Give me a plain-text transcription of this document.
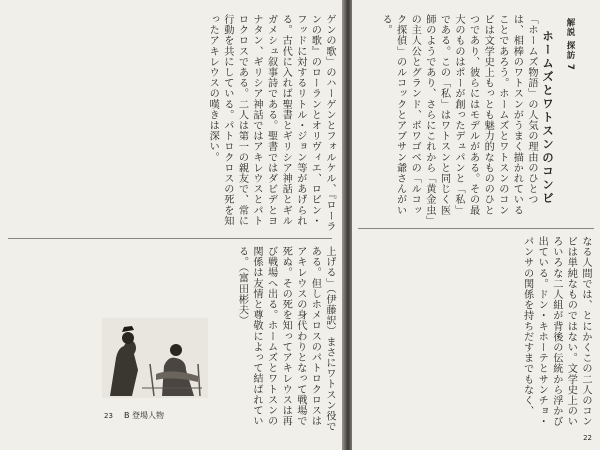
ゲンの歌」のハーゲンとフォルケル、『ローランの歌』のローランとオリヴィエ、ロビン・フッドに対するリトル・ジョン等があげられる。古代に入れば聖書とギリシア神話とギルガメシュ叙事詩である。聖書ではダビデとヨナタン、ギリシア神話ではアキレウスとパトロクロスである。二人は第一の親友で、常に行動を共にしている。パトロクロスの死を知ったアキレウスの嘆きは深い。
上げる」（伊藤訳）まさにワトスン役である。但しホメロスのパトロクロスはアキレウスの身代わりとなって戦場で死ぬ。その死を知ってアキレウスは再び戦場へ出る。ホームズとワトスンの関係は友情と尊敬によって結ばれている。（富田彬夫）
23 B 登場人物
解説 探訪 7
ホームズとワトスンのコンビ
「ホームズ物語」の人気の理由のひとつは、相棒のワトスンがうまく描かれていることであろう。ホームズとワトスンのコンビは文学史上もっとも魅力的なもののひとつであり、彼らにはモデルがある。その最大のものはポーが創ったデュパンと「私」である。この「私」はワトスンと同じく医師のようであり、さらにこれから「黄金虫」の主人公とグランド、ボワゴベの「ルコック探偵」のルコックとアブサン爺さんがいる。
なる人間では、とにかくこの二人のコンビは単純なものではない。文学史上のいろいろな二人組が背後の伝統から浮かび出ている。ドン・キホーテとサンチョ・パンサの関係を持ちだすまでもなく、
22
